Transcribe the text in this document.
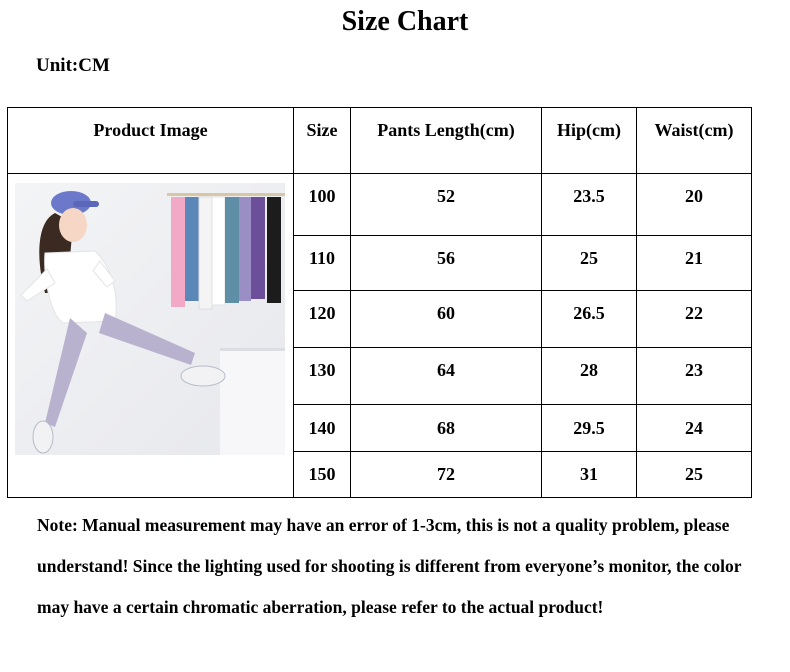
Size Chart
Unit:CM
Product Image	Size	Pants Length(cm)	Hip(cm)	Waist(cm)
100	52	23.5	20
110	56	25	21
120	60	26.5	22
130	64	28	23
140	68	29.5	24
150	72	31	25
Note: Manual measurement may have an error of 1-3cm, this is not a quality problem, please understand! Since the lighting used for shooting is different from everyone’s monitor, the color may have a certain chromatic aberration, please refer to the actual product!
